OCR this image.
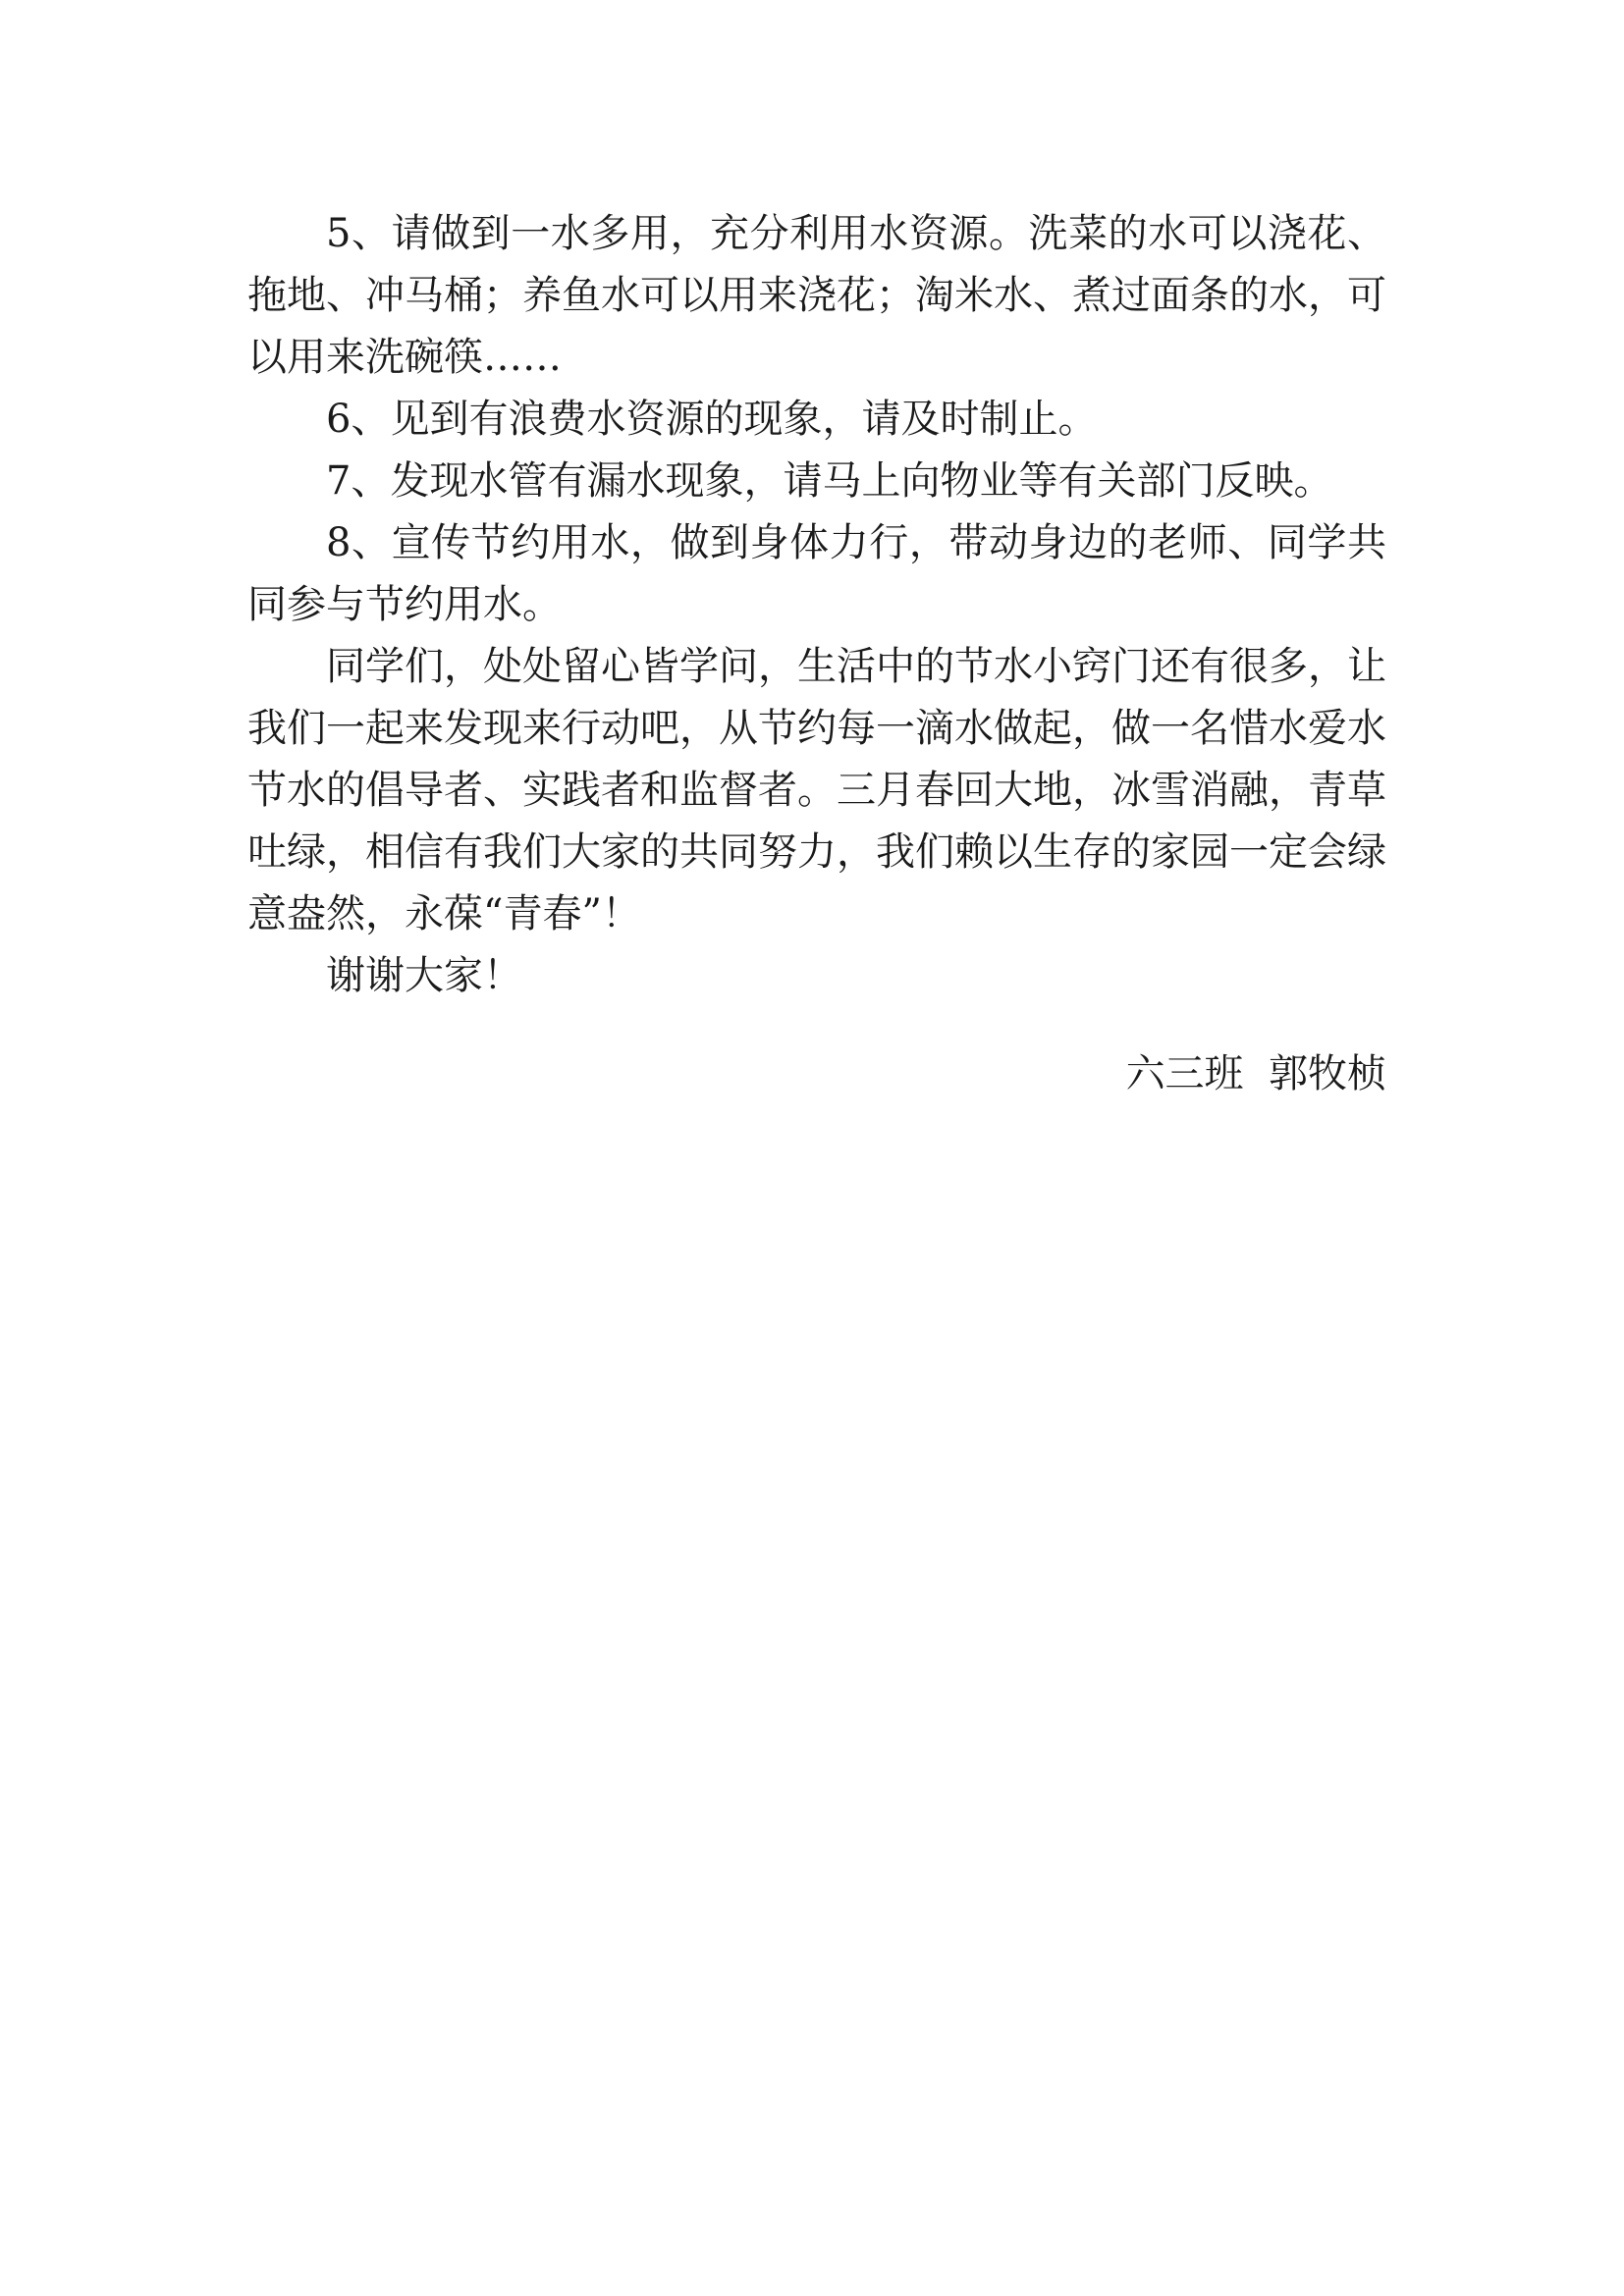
5、请做到一水多用，充分利用水资源。洗菜的水可以浇花、拖地、冲马桶；养鱼水可以用来浇花；淘米水、煮过面条的水，可以用来洗碗筷……

6、见到有浪费水资源的现象，请及时制止。

7、发现水管有漏水现象，请马上向物业等有关部门反映。

8、宣传节约用水，做到身体力行，带动身边的老师、同学共同参与节约用水。

同学们，处处留心皆学问，生活中的节水小窍门还有很多，让我们一起来发现来行动吧，从节约每一滴水做起，做一名惜水爱水节水的倡导者、实践者和监督者。三月春回大地，冰雪消融，青草吐绿，相信有我们大家的共同努力，我们赖以生存的家园一定会绿意盎然，永葆“青春”！

谢谢大家！

六三班  郭牧桢
